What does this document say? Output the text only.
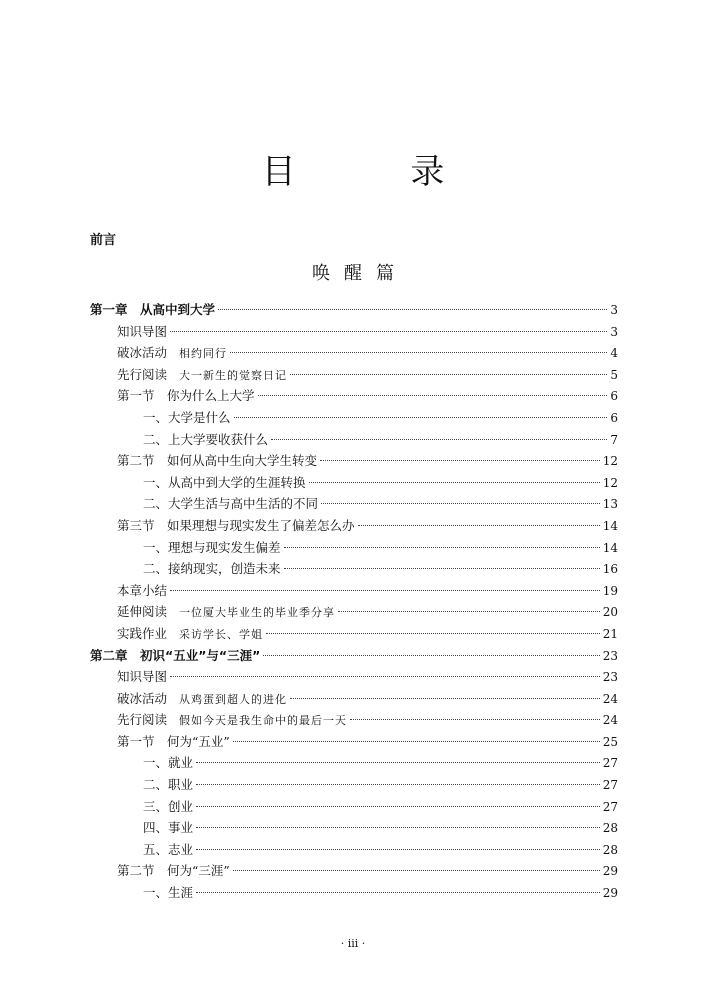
目 录
前言
唤醒篇
第一章　从高中到大学	3
知识导图	3
破冰活动 相约同行	4
先行阅读 大一新生的觉察日记	5
第一节　你为什么上大学	6
一、大学是什么	6
二、上大学要收获什么	7
第二节　如何从高中生向大学生转变	12
一、从高中到大学的生涯转换	12
二、大学生活与高中生活的不同	13
第三节　如果理想与现实发生了偏差怎么办	14
一、理想与现实发生偏差	14
二、接纳现实，创造未来	16
本章小结	19
延伸阅读 一位厦大毕业生的毕业季分享	20
实践作业 采访学长、学姐	21
第二章　初识“五业”与“三涯”	23
知识导图	23
破冰活动 从鸡蛋到超人的进化	24
先行阅读 假如今天是我生命中的最后一天	24
第一节　何为“五业”	25
一、就业	27
二、职业	27
三、创业	27
四、事业	28
五、志业	28
第二节　何为“三涯”	29
一、生涯	29
· iii ·
